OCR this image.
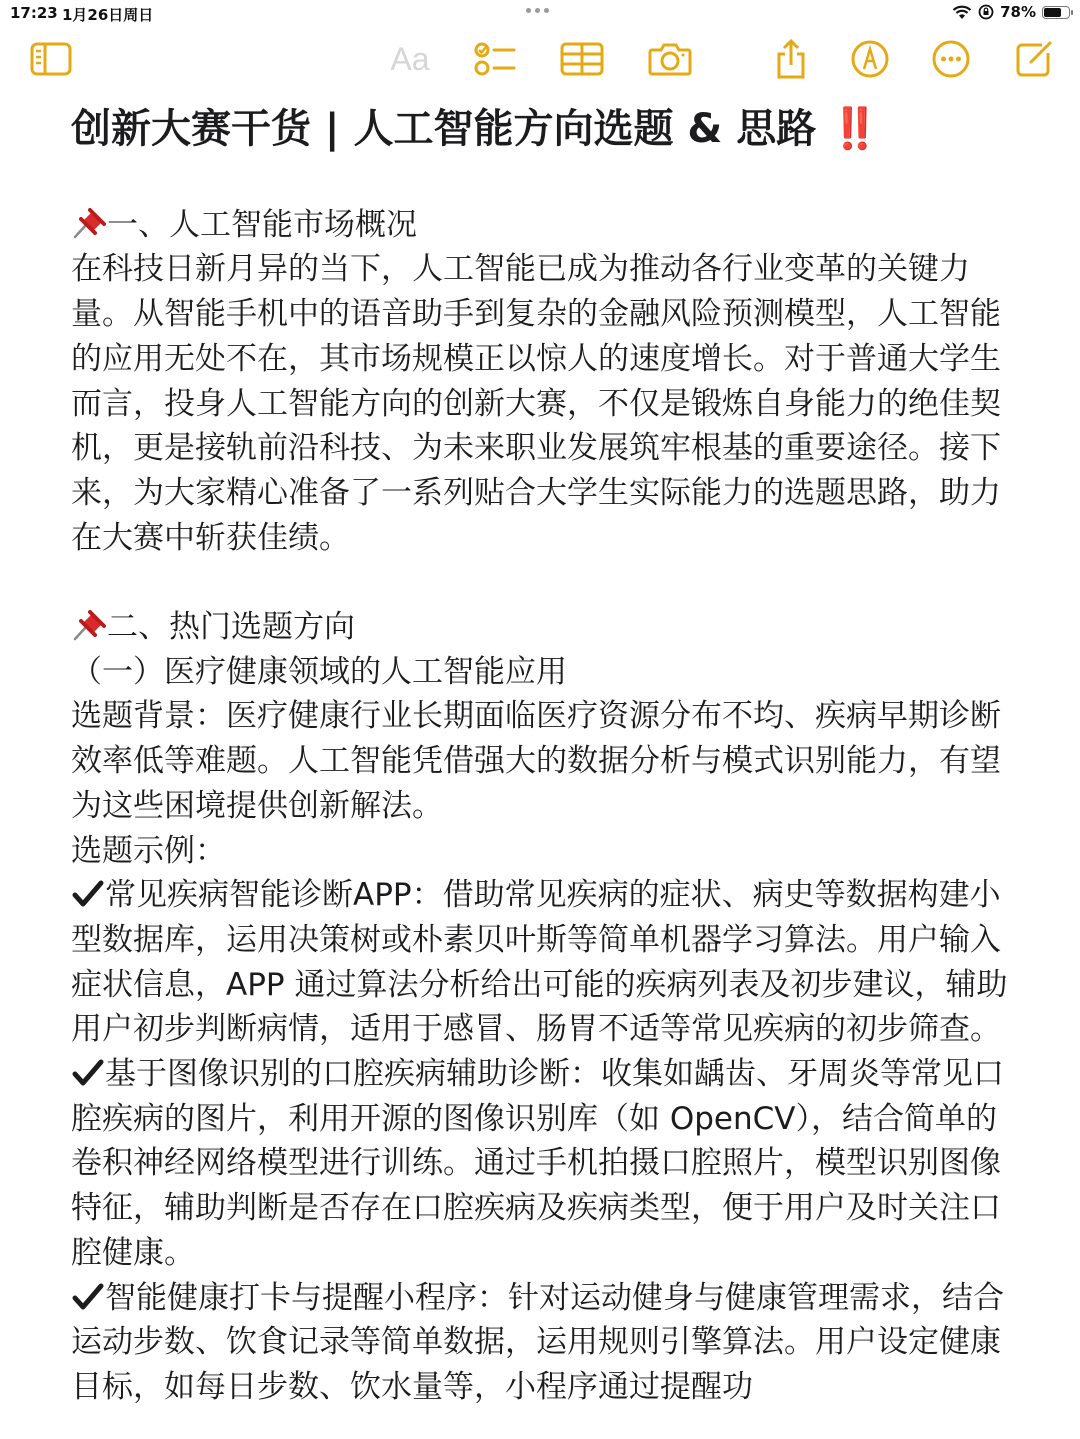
17:23 1月26日周日	78%
Aa
创新大赛干货 | 人工智能方向选题 & 思路 ‼️

一、人工智能市场概况

在科技日新月异的当下，人工智能已成为推动各行业变革的关键力量。从智能手机中的语音助手到复杂的金融风险预测模型，人工智能的应用无处不在，其市场规模正以惊人的速度增长。对于普通大学生而言，投身人工智能方向的创新大赛，不仅是锻炼自身能力的绝佳契机，更是接轨前沿科技、为未来职业发展筑牢根基的重要途径。接下来，为大家精心准备了一系列贴合大学生实际能力的选题思路，助力在大赛中斩获佳绩。

二、热门选题方向

（一）医疗健康领域的人工智能应用

选题背景：医疗健康行业长期面临医疗资源分布不均、疾病早期诊断效率低等难题。人工智能凭借强大的数据分析与模式识别能力，有望为这些困境提供创新解法。

选题示例：

常见疾病智能诊断APP：借助常见疾病的症状、病史等数据构建小型数据库，运用决策树或朴素贝叶斯等简单机器学习算法。用户输入症状信息，APP 通过算法分析给出可能的疾病列表及初步建议，辅助用户初步判断病情，适用于感冒、肠胃不适等常见疾病的初步筛查。

基于图像识别的口腔疾病辅助诊断：收集如龋齿、牙周炎等常见口腔疾病的图片，利用开源的图像识别库（如 OpenCV），结合简单的卷积神经网络模型进行训练。通过手机拍摄口腔照片，模型识别图像特征，辅助判断是否存在口腔疾病及疾病类型，便于用户及时关注口腔健康。

智能健康打卡与提醒小程序：针对运动健身与健康管理需求，结合运动步数、饮食记录等简单数据，运用规则引擎算法。用户设定健康目标，如每日步数、饮水量等，小程序通过提醒功
